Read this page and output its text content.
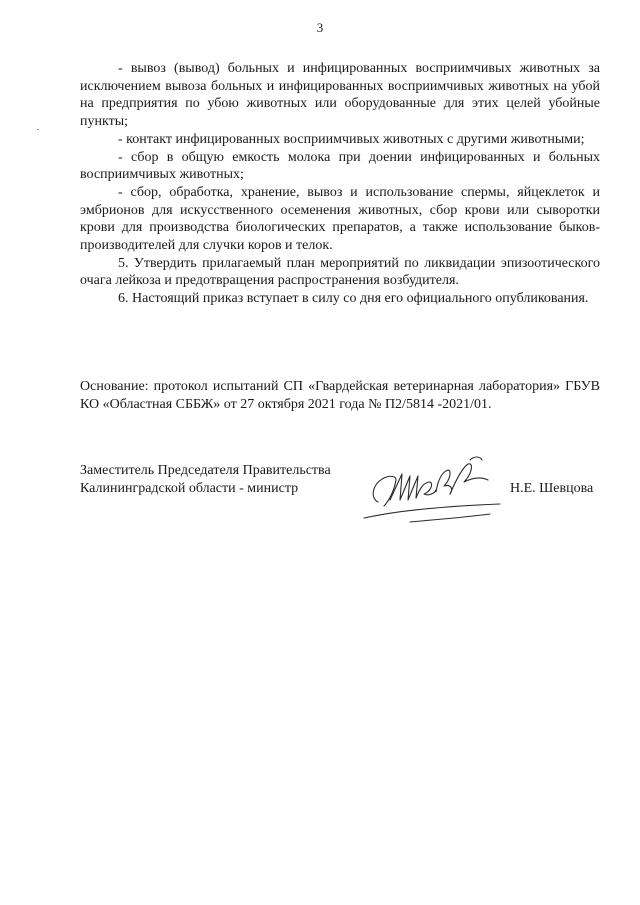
3

- вывоз (вывод) больных и инфицированных восприимчивых животных за исключением вывоза больных и инфицированных восприимчивых животных на убой на предприятия по убою животных или оборудованные для этих целей убойные пункты;

- контакт инфицированных восприимчивых животных с другими животными;

- сбор в общую емкость молока при доении инфицированных и больных восприимчивых животных;

- сбор, обработка, хранение, вывоз и использование спермы, яйцеклеток и эмбрионов для искусственного осеменения животных, сбор крови или сыворотки крови для производства биологических препаратов, а также использование быков-производителей для случки коров и телок.

5. Утвердить прилагаемый план мероприятий по ликвидации эпизоотического очага лейкоза и предотвращения распространения возбудителя.

6. Настоящий приказ вступает в силу со дня его официального опубликования.

Основание: протокол испытаний СП «Гвардейская ветеринарная лаборатория» ГБУВ КО «Областная СББЖ» от 27 октября 2021 года № П2/5814 -2021/01.

Заместитель Председателя Правительства
Калининградской области - министр	Н.Е. Шевцова
